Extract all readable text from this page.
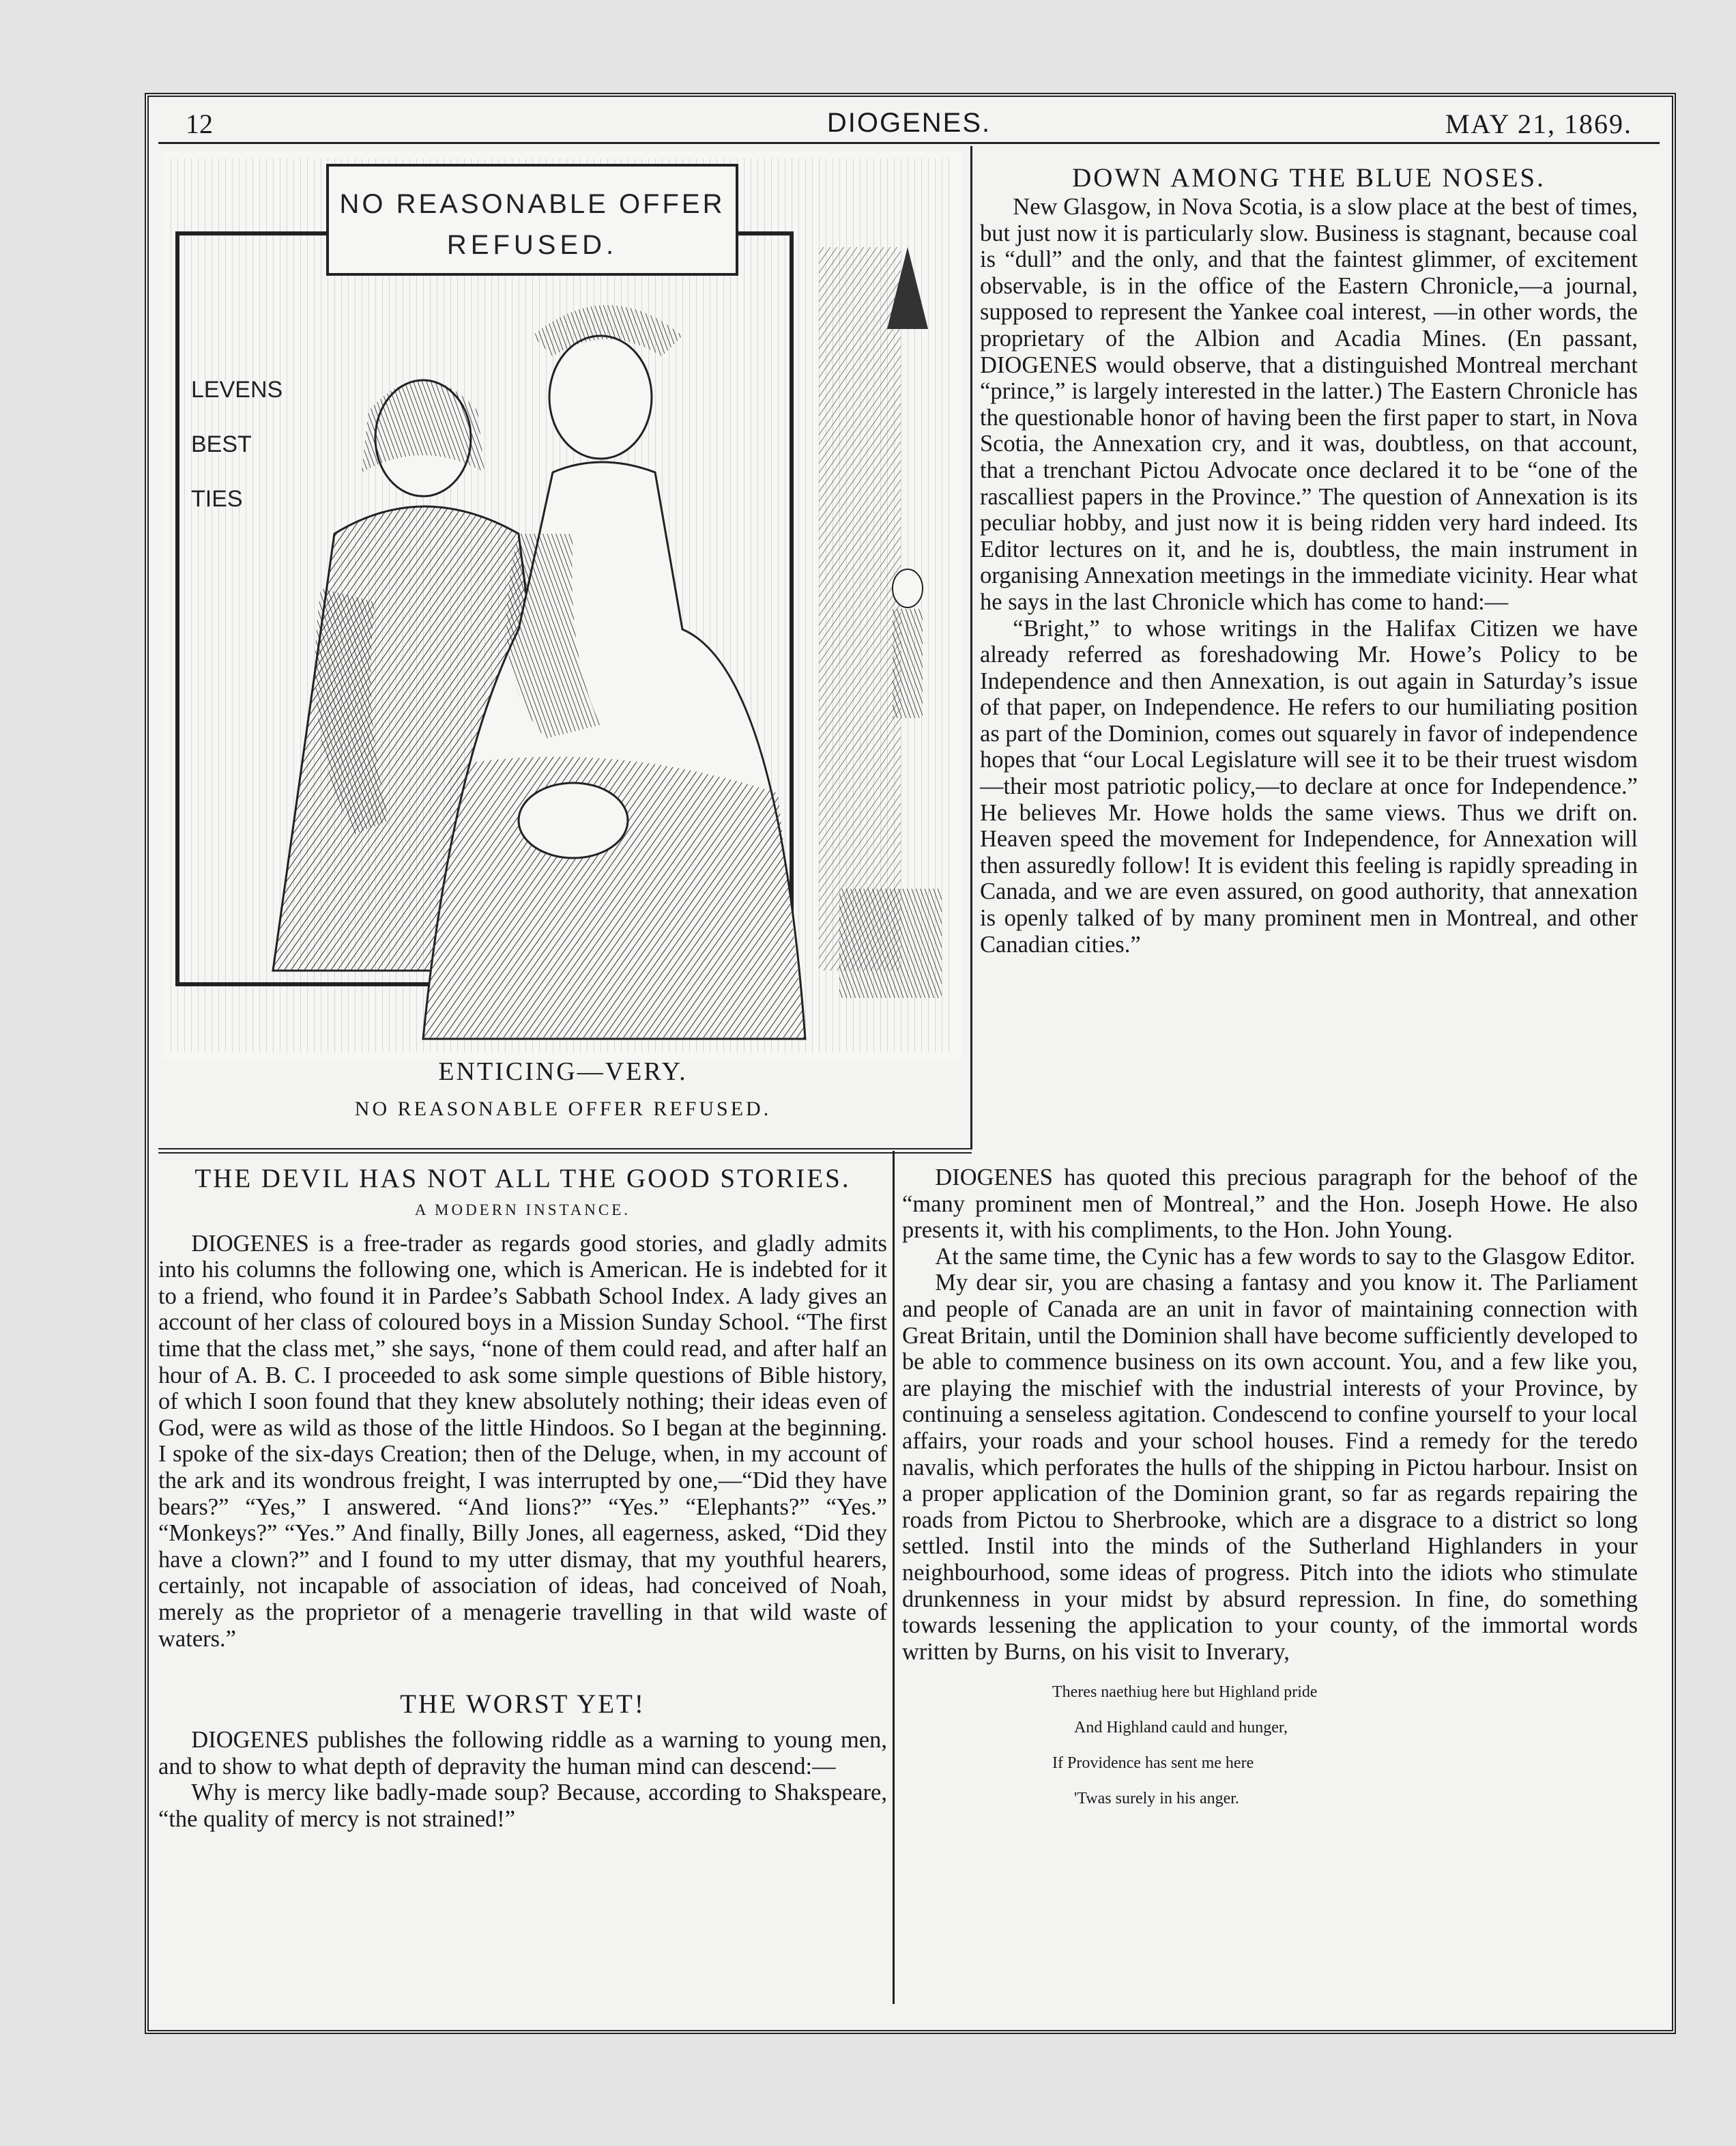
12	DIOGENES.	MAY 21, 1869.
NO REASONABLE OFFER
REFUSED.
LEVENS
BEST
TIES
ENTICING—VERY.
NO REASONABLE OFFER REFUSED.
DOWN AMONG THE BLUE NOSES.

New Glasgow, in Nova Scotia, is a slow place at the best of times, but just now it is particularly slow. Business is stagnant, because coal is “dull” and the only, and that the faintest glimmer, of excitement observable, is in the office of the Eastern Chronicle,—a journal, supposed to represent the Yankee coal interest, —in other words, the proprietary of the Albion and Acadia Mines. (En passant, DIOGENES would observe, that a distinguished Montreal merchant “prince,” is largely interested in the latter.) The Eastern Chronicle has the questionable honor of having been the first paper to start, in Nova Scotia, the Annexation cry, and it was, doubtless, on that account, that a trenchant Pictou Advocate once declared it to be “one of the rascalliest papers in the Province.” The question of Annexation is its peculiar hobby, and just now it is being ridden very hard indeed. Its Editor lectures on it, and he is, doubtless, the main instrument in organising Annexation meetings in the immediate vicinity. Hear what he says in the last Chronicle which has come to hand:—

“Bright,” to whose writings in the Halifax Citizen we have already referred as foreshadowing Mr. Howe’s Policy to be Independence and then Annexation, is out again in Saturday’s issue of that paper, on Independence. He refers to our humiliating position as part of the Dominion, comes out squarely in favor of independence hopes that “our Local Legislature will see it to be their truest wisdom—their most patriotic policy,—to declare at once for Independence.” He believes Mr. Howe holds the same views. Thus we drift on. Heaven speed the movement for Independence, for Annexation will then assuredly follow! It is evident this feeling is rapidly spreading in Canada, and we are even assured, on good authority, that annexation is openly talked of by many prominent men in Montreal, and other Canadian cities.”

DIOGENES has quoted this precious paragraph for the behoof of the “many prominent men of Montreal,” and the Hon. Joseph Howe. He also presents it, with his compliments, to the Hon. John Young.

At the same time, the Cynic has a few words to say to the Glasgow Editor.

My dear sir, you are chasing a fantasy and you know it. The Parliament and people of Canada are an unit in favor of maintaining connection with Great Britain, until the Dominion shall have become sufficiently developed to be able to commence business on its own account. You, and a few like you, are playing the mischief with the industrial interests of your Province, by continuing a senseless agitation. Condescend to confine yourself to your local affairs, your roads and your school houses. Find a remedy for the teredo navalis, which perforates the hulls of the shipping in Pictou harbour. Insist on a proper application of the Dominion grant, so far as regards repairing the roads from Pictou to Sherbrooke, which are a disgrace to a district so long settled. Instil into the minds of the Sutherland Highlanders in your neighbourhood, some ideas of progress. Pitch into the idiots who stimulate drunkenness in your midst by absurd repression. In fine, do something towards lessening the application to your county, of the immortal words written by Burns, on his visit to Inverary,

Theres naethiug here but Highland pride
And Highland cauld and hunger,
If Providence has sent me here
'Twas surely in his anger.
THE DEVIL HAS NOT ALL THE GOOD STORIES.
A MODERN INSTANCE.

DIOGENES is a free-trader as regards good stories, and gladly admits into his columns the following one, which is American. He is indebted for it to a friend, who found it in Pardee’s Sabbath School Index. A lady gives an account of her class of coloured boys in a Mission Sunday School. “The first time that the class met,” she says, “none of them could read, and after half an hour of A. B. C. I proceeded to ask some simple questions of Bible history, of which I soon found that they knew absolutely nothing; their ideas even of God, were as wild as those of the little Hindoos. So I began at the beginning. I spoke of the six-days Creation; then of the Deluge, when, in my account of the ark and its wondrous freight, I was interrupted by one,—“Did they have bears?” “Yes,” I answered. “And lions?” “Yes.” “Elephants?” “Yes.” “Monkeys?” “Yes.” And finally, Billy Jones, all eagerness, asked, “Did they have a clown?” and I found to my utter dismay, that my youthful hearers, certainly, not incapable of association of ideas, had conceived of Noah, merely as the proprietor of a menagerie travelling in that wild waste of waters.”

THE WORST YET!

DIOGENES publishes the following riddle as a warning to young men, and to show to what depth of depravity the human mind can descend:—

Why is mercy like badly-made soup? Because, according to Shakspeare, “the quality of mercy is not strained!”
